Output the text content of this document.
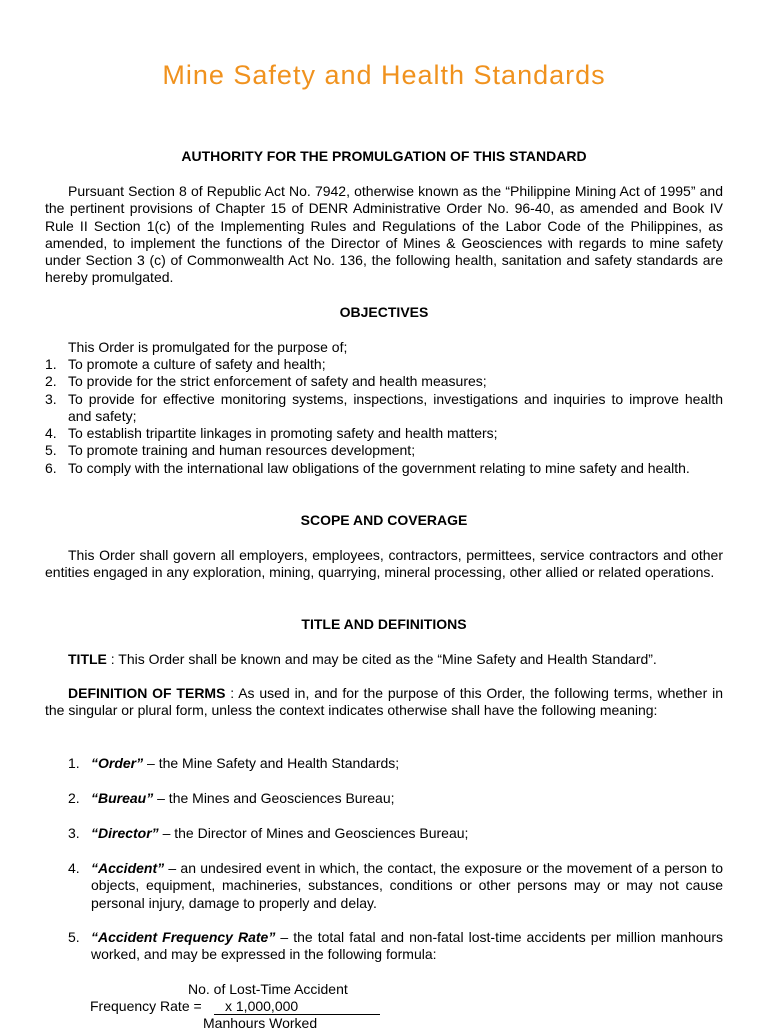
Mine Safety and Health Standards
AUTHORITY FOR THE PROMULGATION OF THIS STANDARD

Pursuant Section 8 of Republic Act No. 7942, otherwise known as the “Philippine Mining Act of 1995” and the pertinent provisions of Chapter 15 of DENR Administrative Order No. 96-40, as amended and Book IV Rule II Section 1(c) of the Implementing Rules and Regulations of the Labor Code of the Philippines, as amended, to implement the functions of the Director of Mines & Geosciences with regards to mine safety under Section 3 (c) of Commonwealth Act No. 136, the following health, sanitation and safety standards are hereby promulgated.

OBJECTIVES

This Order is promulgated for the purpose of;

1. To promote a culture of safety and health;
2. To provide for the strict enforcement of safety and health measures;
3. To provide for effective monitoring systems, inspections, investigations and inquiries to improve health and safety;
4. To establish tripartite linkages in promoting safety and health matters;
5. To promote training and human resources development;
6. To comply with the international law obligations of the government relating to mine safety and health.
SCOPE AND COVERAGE

This Order shall govern all employers, employees, contractors, permittees, service contractors and other entities engaged in any exploration, mining, quarrying, mineral processing, other allied or related operations.

TITLE AND DEFINITIONS

TITLE : This Order shall be known and may be cited as the “Mine Safety and Health Standard”.

DEFINITION OF TERMS : As used in, and for the purpose of this Order, the following terms, whether in the singular or plural form, unless the context indicates otherwise shall have the following meaning:

1. “Order” – the Mine Safety and Health Standards;
2. “Bureau” – the Mines and Geosciences Bureau;
3. “Director” – the Director of Mines and Geosciences Bureau;
4. “Accident” – an undesired event in which, the contact, the exposure or the movement of a person to objects, equipment, machineries, substances, conditions or other persons may or may not cause personal injury, damage to properly and delay.
5. “Accident Frequency Rate” – the total fatal and non-fatal lost-time accidents per million manhours worked, and may be expressed in the following formula:
No. of Lost-Time Accident
Frequency Rate = x 1,000,000
Manhours Worked
